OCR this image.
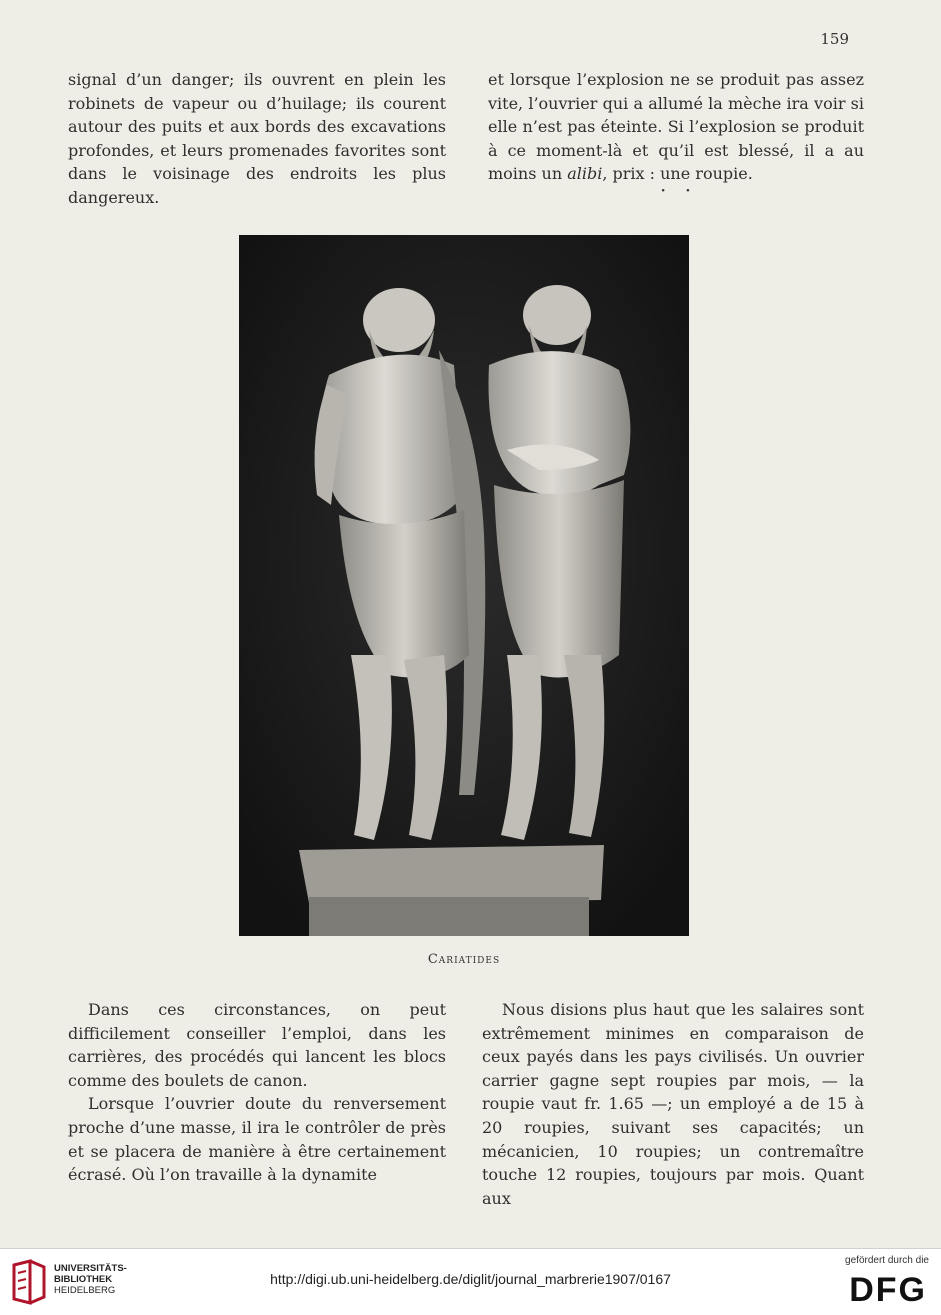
159

signal d’un danger; ils ouvrent en plein les robinets de vapeur ou d’huilage; ils courent autour des puits et aux bords des excavations profondes, et leurs promenades favorites sont dans le voisinage des endroits les plus dangereux.

et lorsque l’explosion ne se produit pas assez vite, l’ouvrier qui a allumé la mèche ira voir si elle n’est pas éteinte. Si l’explosion se produit à ce moment-là et qu’il est blessé, il a au moins un alibi, prix : une roupie.

· ·
Cariatides

Dans ces circonstances, on peut difficilement conseiller l’emploi, dans les carrières, des procédés qui lancent les blocs comme des boulets de canon.

Lorsque l’ouvrier doute du renversement proche d’une masse, il ira le contrôler de près et se placera de manière à être certainement écrasé. Où l’on travaille à la dynamite

Nous disions plus haut que les salaires sont extrêmement minimes en comparaison de ceux payés dans les pays civilisés. Un ouvrier carrier gagne sept roupies par mois, — la roupie vaut fr. 1.65 —; un employé a de 15 à 20 roupies, suivant ses capacités; un mécanicien, 10 roupies; un contremaître touche 12 roupies, toujours par mois. Quant aux

UNIVERSITÄTS-
BIBLIOTHEK
HEIDELBERG
http://digi.ub.uni-heidelberg.de/diglit/journal_marbrerie1907/0167
gefördert durch die
DFG
